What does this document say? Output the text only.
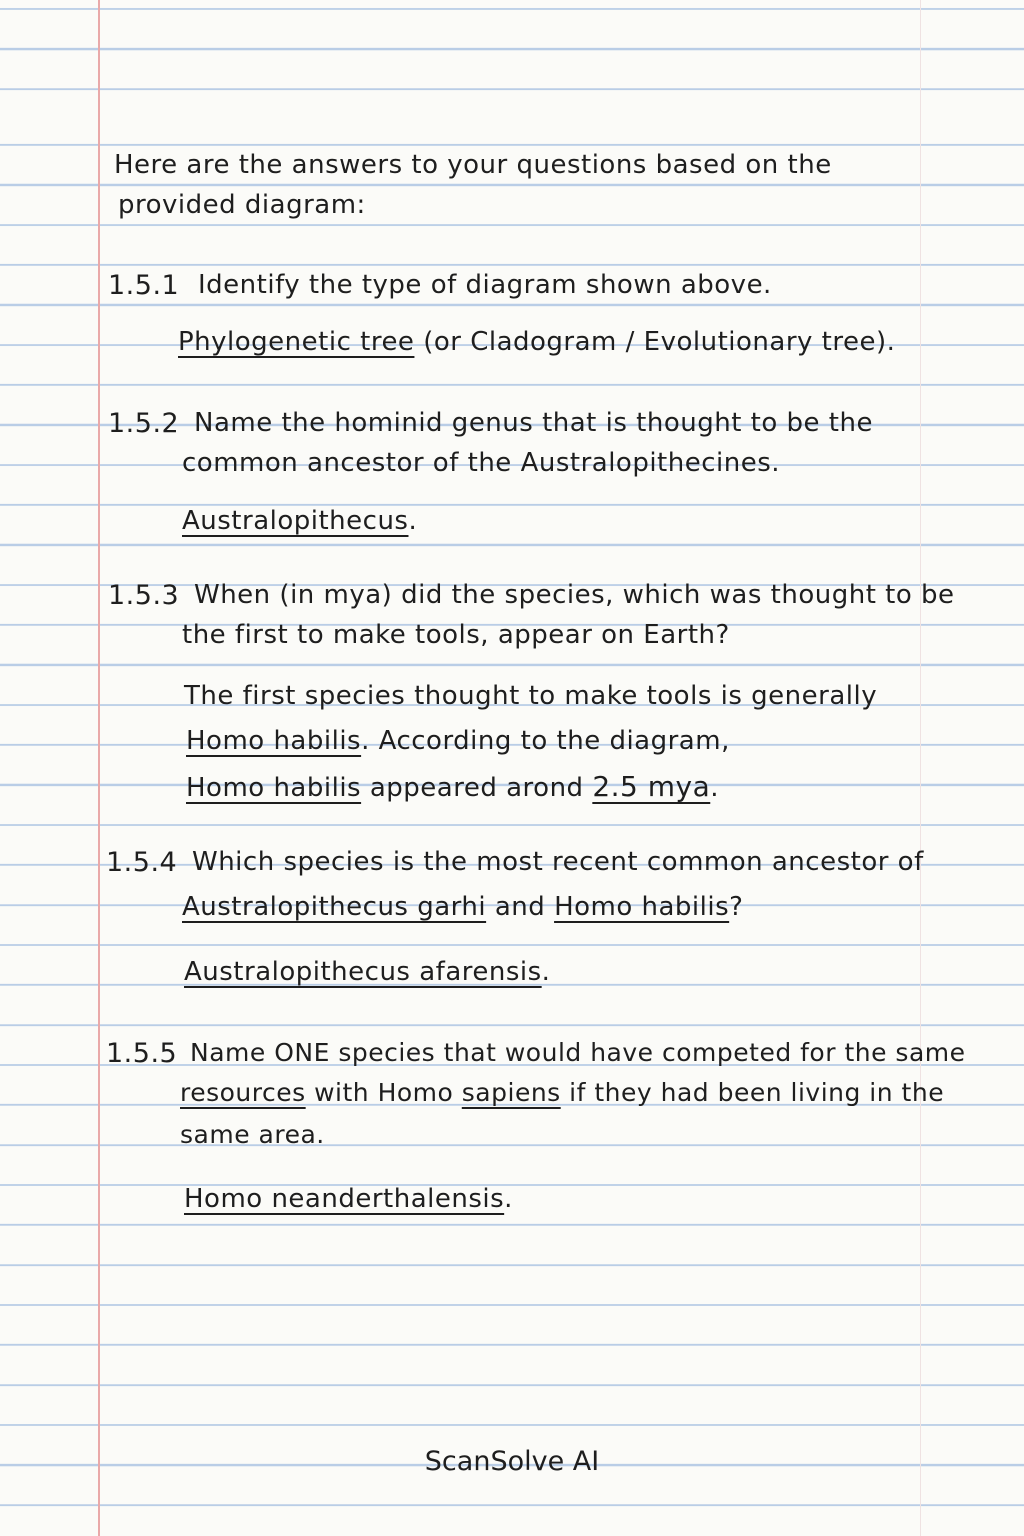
Here are the answers to your questions based on the
provided diagram:
1.5.1 Identify the type of diagram shown above.
Phylogenetic tree (or Cladogram / Evolutionary tree).
1.5.2 Name the hominid genus that is thought to be the
common ancestor of the Australopithecines.
Australopithecus.
1.5.3 When (in mya) did the species, which was thought to be
the first to make tools, appear on Earth?
The first species thought to make tools is generally
Homo habilis. According to the diagram,
Homo habilis appeared arond 2.5 mya.
1.5.4 Which species is the most recent common ancestor of
Australopithecus garhi and Homo habilis?
Australopithecus afarensis.
1.5.5 Name ONE species that would have competed for the same
resources with Homo sapiens if they had been living in the
same area.
Homo neanderthalensis.
ScanSolve AI
